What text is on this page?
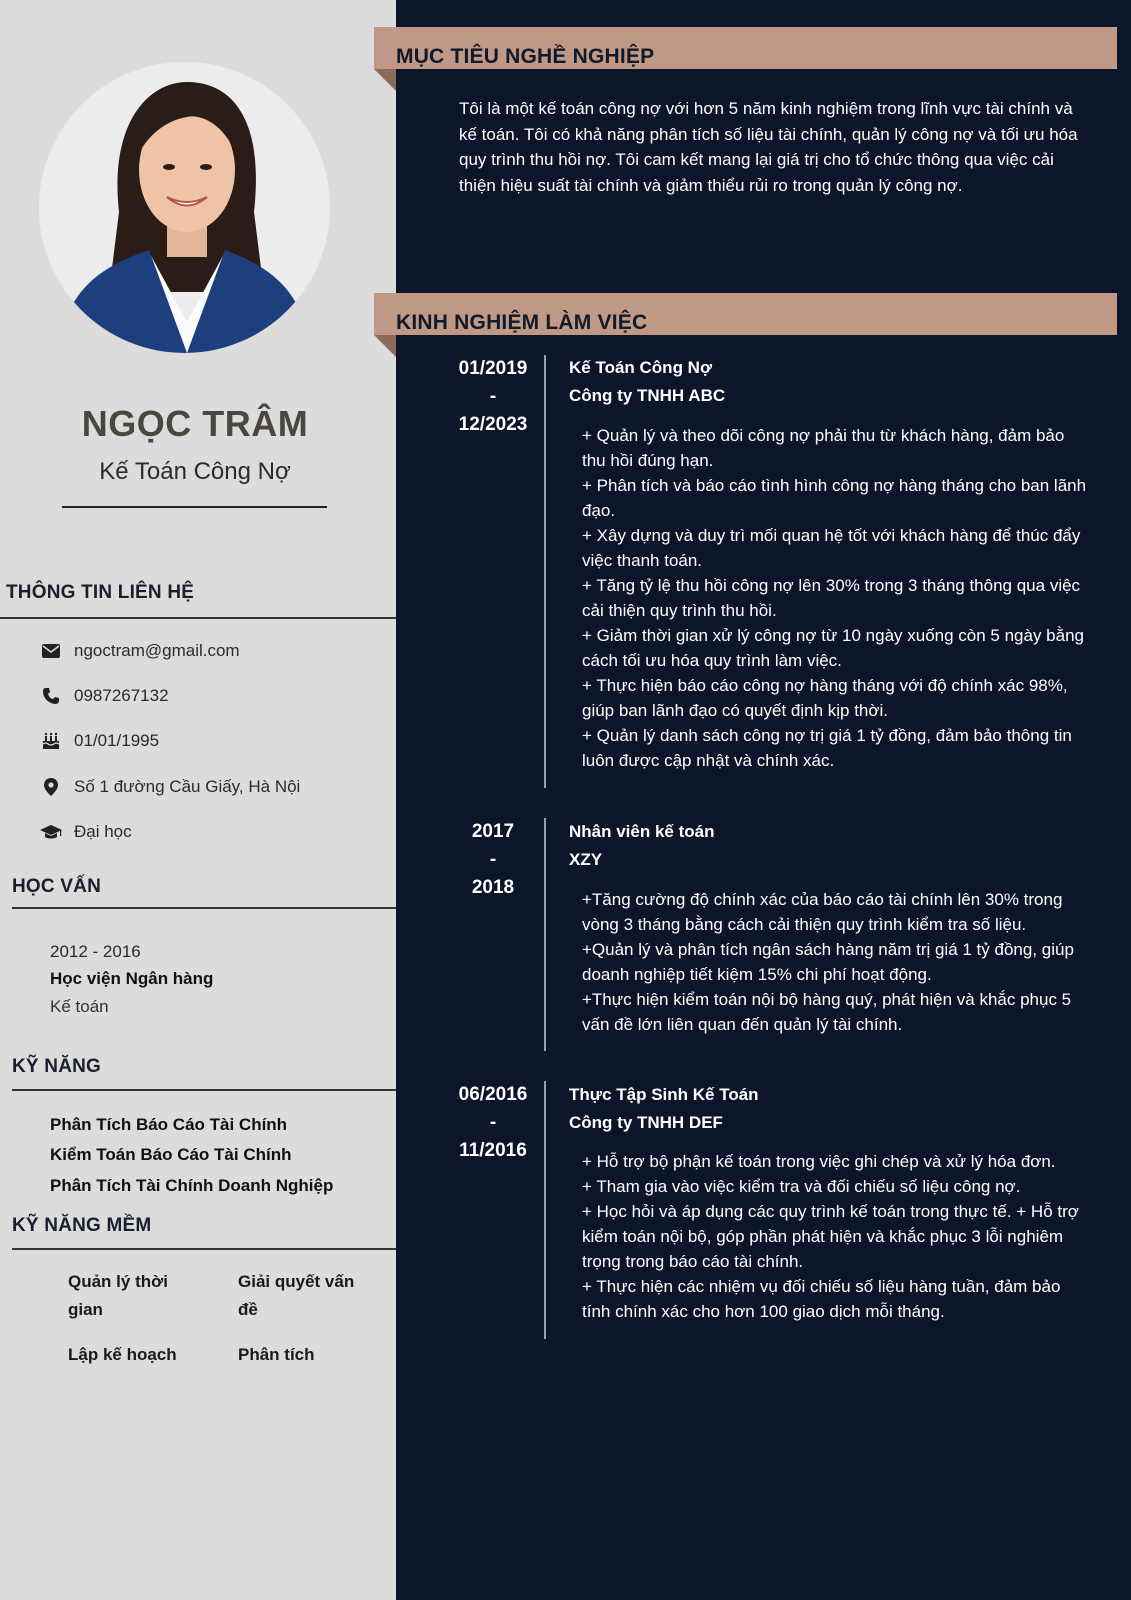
NGỌC TRÂM
Kế Toán Công Nợ
THÔNG TIN LIÊN HỆ
ngoctram@gmail.com
0987267132
01/01/1995
Số 1 đường Cầu Giấy, Hà Nội
Đại học
HỌC VẤN
2012 - 2016
Học viện Ngân hàng
Kế toán
KỸ NĂNG
Phân Tích Báo Cáo Tài Chính
Kiểm Toán Báo Cáo Tài Chính
Phân Tích Tài Chính Doanh Nghiệp
KỸ NĂNG MỀM
Quản lý thời gian
Giải quyết vấn đề
Lập kế hoạch	Phân tích
MỤC TIÊU NGHỀ NGHIỆP
Tôi là một kế toán công nợ với hơn 5 năm kinh nghiệm trong lĩnh vực tài chính và kế toán. Tôi có khả năng phân tích số liệu tài chính, quản lý công nợ và tối ưu hóa quy trình thu hồi nợ. Tôi cam kết mang lại giá trị cho tổ chức thông qua việc cải thiện hiệu suất tài chính và giảm thiểu rủi ro trong quản lý công nợ.
KINH NGHIỆM LÀM VIỆC
01/2019
-
12/2023
Kế Toán Công Nợ
Công ty TNHH ABC
+ Quản lý và theo dõi công nợ phải thu từ khách hàng, đảm bảo thu hồi đúng hạn.
+ Phân tích và báo cáo tình hình công nợ hàng tháng cho ban lãnh đạo.
+ Xây dựng và duy trì mối quan hệ tốt với khách hàng để thúc đẩy việc thanh toán.
+ Tăng tỷ lệ thu hồi công nợ lên 30% trong 3 tháng thông qua việc cải thiện quy trình thu hồi.
+ Giảm thời gian xử lý công nợ từ 10 ngày xuống còn 5 ngày bằng cách tối ưu hóa quy trình làm việc.
+ Thực hiện báo cáo công nợ hàng tháng với độ chính xác 98%, giúp ban lãnh đạo có quyết định kịp thời.
+ Quản lý danh sách công nợ trị giá 1 tỷ đồng, đảm bảo thông tin luôn được cập nhật và chính xác.
2017
-
2018
Nhân viên kế toán
XZY
+Tăng cường độ chính xác của báo cáo tài chính lên 30% trong vòng 3 tháng bằng cách cải thiện quy trình kiểm tra số liệu.
+Quản lý và phân tích ngân sách hàng năm trị giá 1 tỷ đồng, giúp doanh nghiệp tiết kiệm 15% chi phí hoạt động.
+Thực hiện kiểm toán nội bộ hàng quý, phát hiện và khắc phục 5 vấn đề lớn liên quan đến quản lý tài chính.
06/2016
-
11/2016
Thực Tập Sinh Kế Toán
Công ty TNHH DEF
+ Hỗ trợ bộ phận kế toán trong việc ghi chép và xử lý hóa đơn.
+ Tham gia vào việc kiểm tra và đối chiếu số liệu công nợ.
+ Học hỏi và áp dụng các quy trình kế toán trong thực tế. + Hỗ trợ kiểm toán nội bộ, góp phần phát hiện và khắc phục 3 lỗi nghiêm trọng trong báo cáo tài chính.
+ Thực hiện các nhiệm vụ đối chiếu số liệu hàng tuần, đảm bảo tính chính xác cho hơn 100 giao dịch mỗi tháng.
